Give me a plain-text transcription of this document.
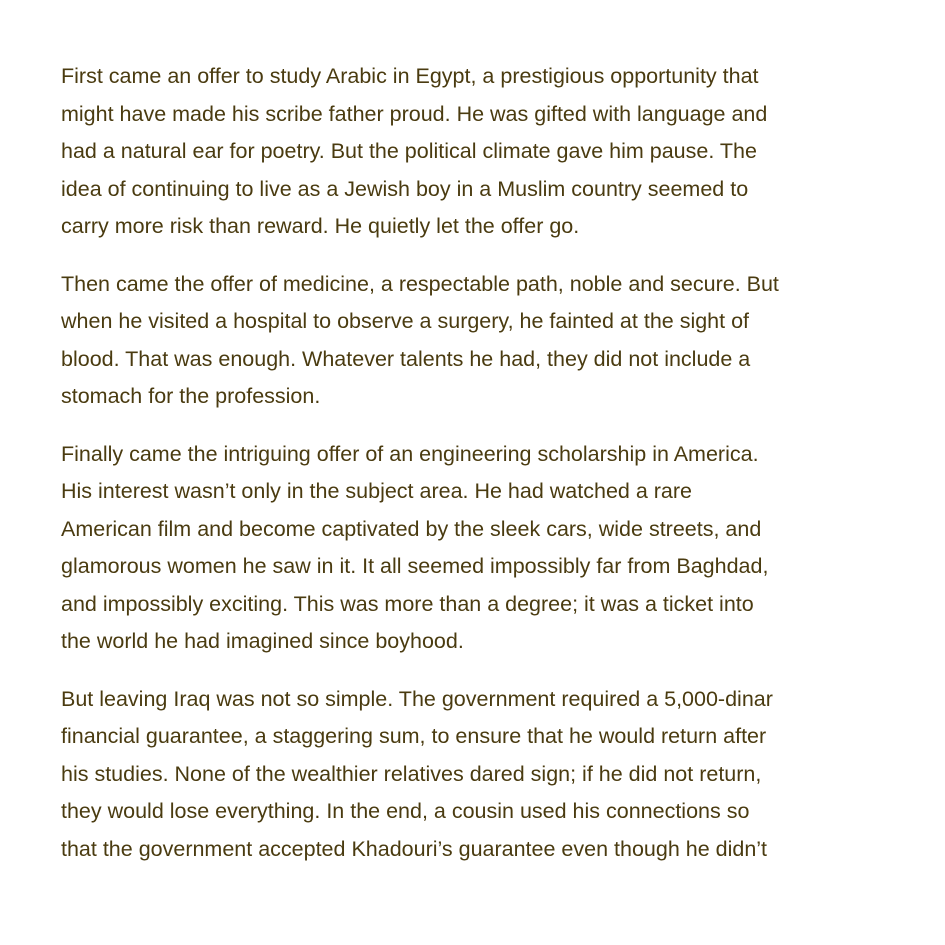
First came an offer to study Arabic in Egypt, a prestigious opportunity that
might have made his scribe father proud. He was gifted with language and
had a natural ear for poetry. But the political climate gave him pause. The
idea of continuing to live as a Jewish boy in a Muslim country seemed to
carry more risk than reward. He quietly let the offer go.

Then came the offer of medicine, a respectable path, noble and secure. But
when he visited a hospital to observe a surgery, he fainted at the sight of
blood. That was enough. Whatever talents he had, they did not include a
stomach for the profession.

Finally came the intriguing offer of an engineering scholarship in America.
His interest wasn’t only in the subject area. He had watched a rare
American film and become captivated by the sleek cars, wide streets, and
glamorous women he saw in it. It all seemed impossibly far from Baghdad,
and impossibly exciting. This was more than a degree; it was a ticket into
the world he had imagined since boyhood.

But leaving Iraq was not so simple. The government required a 5,000-dinar
financial guarantee, a staggering sum, to ensure that he would return after
his studies. None of the wealthier relatives dared sign; if he did not return,
they would lose everything. In the end, a cousin used his connections so
that the government accepted Khadouri’s guarantee even though he didn’t
